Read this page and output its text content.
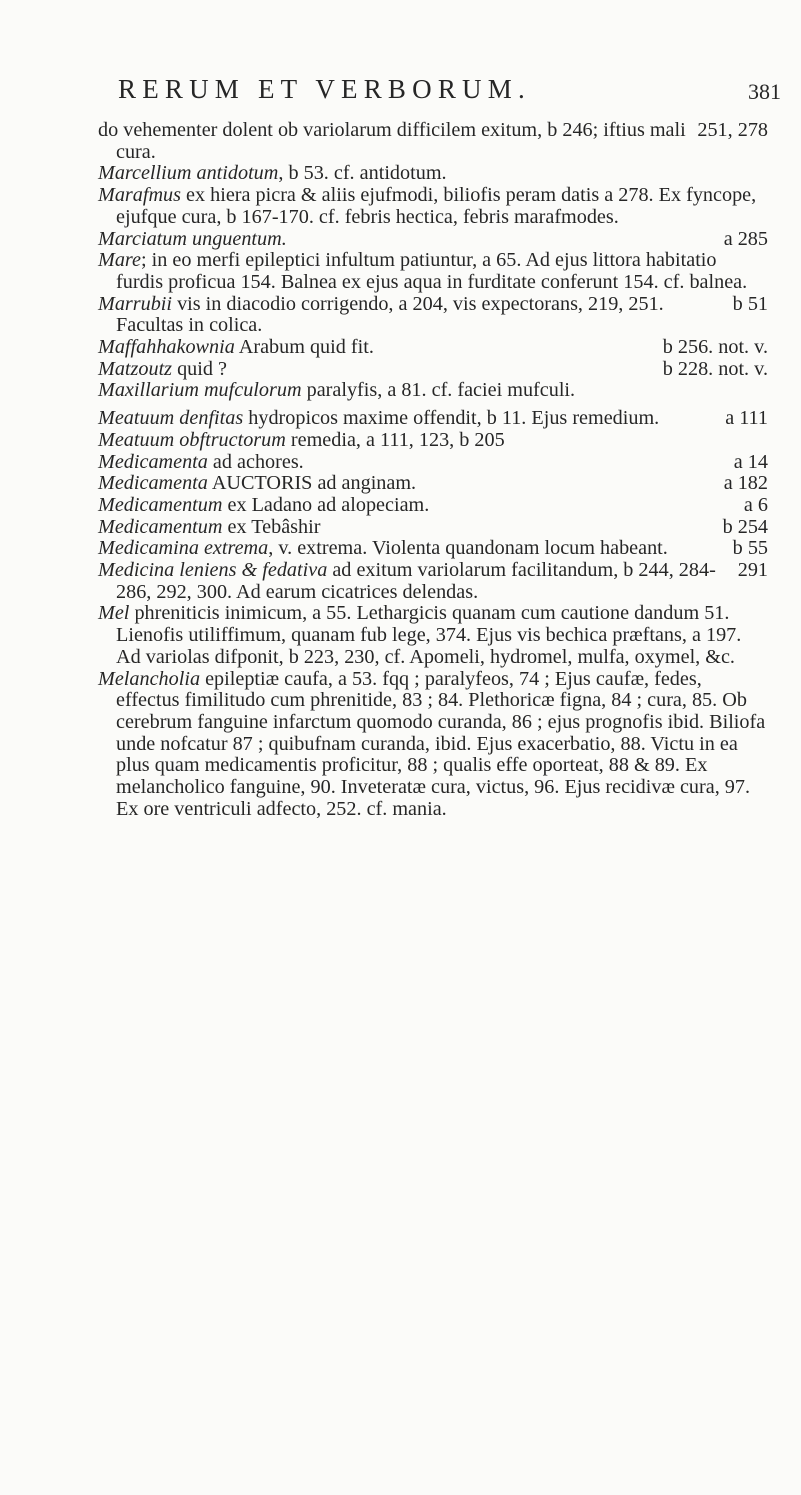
RERUM ET VERBORUM.	381

251, 278
do vehementer dolent ob variolarum difficilem exitum, b 246; iftius mali cura.

Marcellium antidotum, b 53. cf. antidotum.

Marafmus ex hiera picra & aliis ejufmodi, biliofis peram datis a 278. Ex fyncope, ejufque cura, b 167-170. cf. febris hectica, febris marafmodes.

a 285
Marciatum unguentum.

Mare; in eo merfi epileptici infultum patiuntur, a 65. Ad ejus littora habitatio furdis proficua 154. Balnea ex ejus aqua in furditate conferunt 154. cf. balnea.

b 51
Marrubii vis in diacodio corrigendo, a 204, vis expectorans, 219, 251. Facultas in colica.

b 256. not. v.
Maffahhakownia Arabum quid fit.

b 228. not. v.
Matzoutz quid ?

Maxillarium mufculorum paralyfis, a 81. cf. faciei mufculi.

a 111
Meatuum denfitas hydropicos maxime offendit, b 11. Ejus remedium.

Meatuum obftructorum remedia, a 111, 123, b 205

a 14
Medicamenta ad achores.

a 182
Medicamenta AUCTORIS ad anginam.

a 6
Medicamentum ex Ladano ad alopeciam.

b 254
Medicamentum ex Tebâshir

b 55
Medicamina extrema, v. extrema. Violenta quandonam locum habeant.

291
Medicina leniens & fedativa ad exitum variolarum facilitandum, b 244, 284-286, 292, 300. Ad earum cicatrices delendas.

Mel phreniticis inimicum, a 55. Lethargicis quanam cum cautione dandum 51. Lienofis utiliffimum, quanam fub lege, 374. Ejus vis bechica præftans, a 197. Ad variolas difponit, b 223, 230, cf. Apomeli, hydromel, mulfa, oxymel, &c.

Melancholia epileptiæ caufa, a 53. fqq ; paralyfeos, 74 ; Ejus caufæ, fedes, effectus fimilitudo cum phrenitide, 83 ; 84. Plethoricæ figna, 84 ; cura, 85. Ob cerebrum fanguine infarctum quomodo curanda, 86 ; ejus prognofis ibid. Biliofa unde nofcatur 87 ; quibufnam curanda, ibid. Ejus exacerbatio, 88. Victu in ea plus quam medicamentis proficitur, 88 ; qualis effe oporteat, 88 & 89. Ex melancholico fanguine, 90. Inveteratæ cura, victus, 96. Ejus recidivæ cura, 97. Ex ore ventriculi adfecto, 252. cf. mania.
